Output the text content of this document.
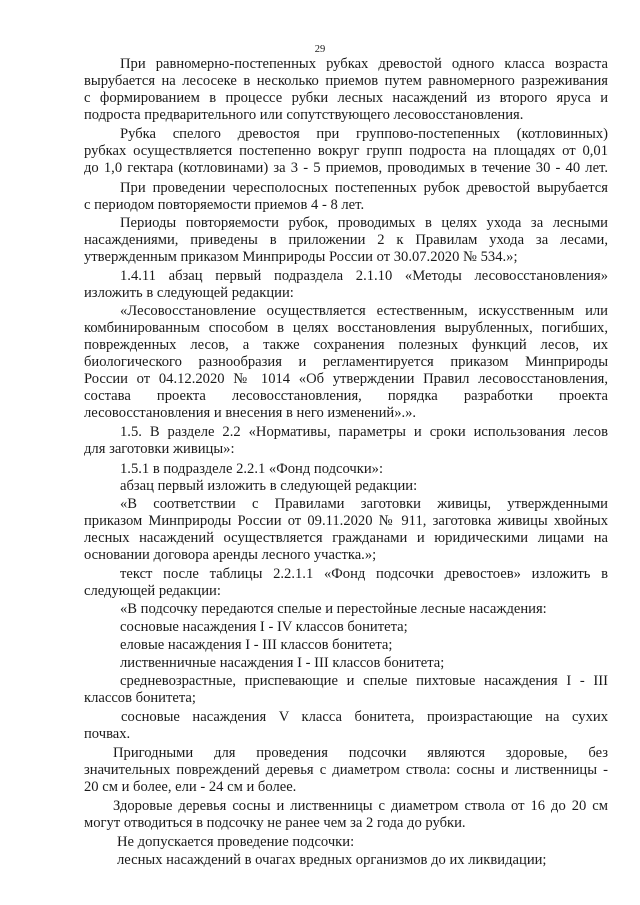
29
При равномерно-постепенных рубках древостой одного класса возраста
вырубается на лесосеке в несколько приемов путем равномерного разреживания
с формированием в процессе рубки лесных насаждений из второго яруса и
подроста предварительного или сопутствующего лесовосстановления.
Рубка спелого древостоя при группово-постепенных (котловинных)
рубках осуществляется постепенно вокруг групп подроста на площадях от 0,01
до 1,0 гектара (котловинами) за 3 - 5 приемов, проводимых в течение 30 - 40 лет.
При проведении чересполосных постепенных рубок древостой вырубается
с периодом повторяемости приемов 4 - 8 лет.
Периоды повторяемости рубок, проводимых в целях ухода за лесными
насаждениями, приведены в приложении 2 к Правилам ухода за лесами,
утвержденным приказом Минприроды России от 30.07.2020 № 534.»;
1.4.11 абзац первый подраздела 2.1.10 «Методы лесовосстановления»
изложить в следующей редакции:
«Лесовосстановление осуществляется естественным, искусственным или
комбинированным способом в целях восстановления вырубленных, погибших,
поврежденных лесов, а также сохранения полезных функций лесов, их
биологического разнообразия и регламентируется приказом Минприроды
России от 04.12.2020 № 1014 «Об утверждении Правил лесовосстановления,
состава проекта лесовосстановления, порядка разработки проекта
лесовосстановления и внесения в него изменений».».
1.5. В разделе 2.2 «Нормативы, параметры и сроки использования лесов
для заготовки живицы»:
1.5.1 в подразделе 2.2.1 «Фонд подсочки»:
абзац первый изложить в следующей редакции:
«В соответствии с Правилами заготовки живицы, утвержденными
приказом Минприроды России от 09.11.2020 № 911, заготовка живицы хвойных
лесных насаждений осуществляется гражданами и юридическими лицами на
основании договора аренды лесного участка.»;
текст после таблицы 2.2.1.1 «Фонд подсочки древостоев» изложить в
следующей редакции:
«В подсочку передаются спелые и перестойные лесные насаждения:
сосновые насаждения I - IV классов бонитета;
еловые насаждения I - III классов бонитета;
лиственничные насаждения I - III классов бонитета;
средневозрастные, приспевающие и спелые пихтовые насаждения I - III
классов бонитета;
сосновые насаждения V класса бонитета, произрастающие на сухих
почвах.
Пригодными для проведения подсочки являются здоровые, без
значительных повреждений деревья с диаметром ствола: сосны и лиственницы -
20 см и более, ели - 24 см и более.
Здоровые деревья сосны и лиственницы с диаметром ствола от 16 до 20 см
могут отводиться в подсочку не ранее чем за 2 года до рубки.
Не допускается проведение подсочки:
лесных насаждений в очагах вредных организмов до их ликвидации;
